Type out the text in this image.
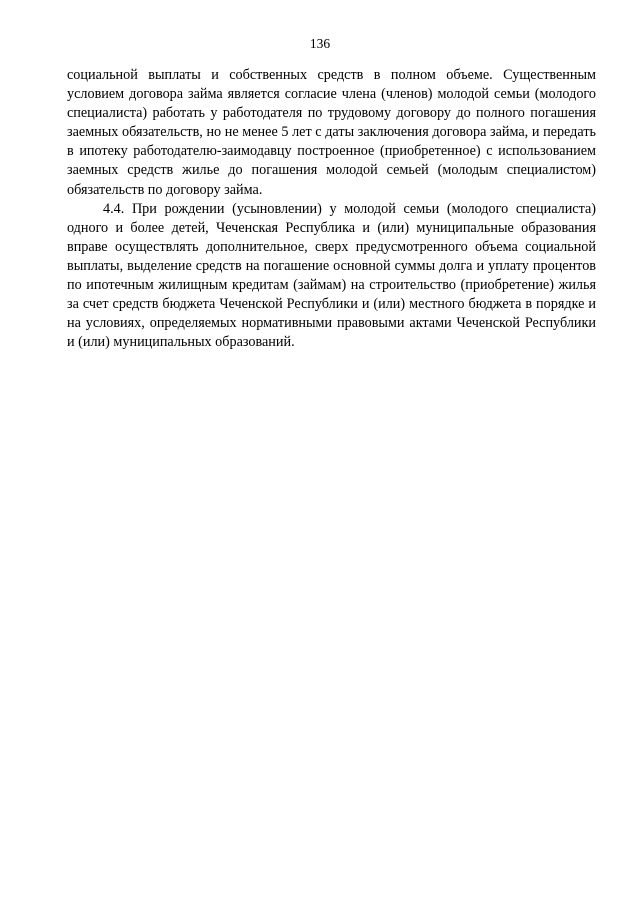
136

социальной выплаты и собственных средств в полном объеме. Существенным условием договора займа является согласие члена (членов) молодой семьи (молодого специалиста) работать у работодателя по трудовому договору до полного погашения заемных обязательств, но не менее 5 лет с даты заключения договора займа, и передать в ипотеку работодателю-заимодавцу построенное (приобретенное) с использованием заемных средств жилье до погашения молодой семьей (молодым специалистом) обязательств по договору займа.

4.4. При рождении (усыновлении) у молодой семьи (молодого специалиста) одного и более детей, Чеченская Республика и (или) муниципальные образования вправе осуществлять дополнительное, сверх предусмотренного объема социальной выплаты, выделение средств на погашение основной суммы долга и уплату процентов по ипотечным жилищным кредитам (займам) на строительство (приобретение) жилья за счет средств бюджета Чеченской Республики и (или) местного бюджета в порядке и на условиях, определяемых нормативными правовыми актами Чеченской Республики и (или) муниципальных образований.
